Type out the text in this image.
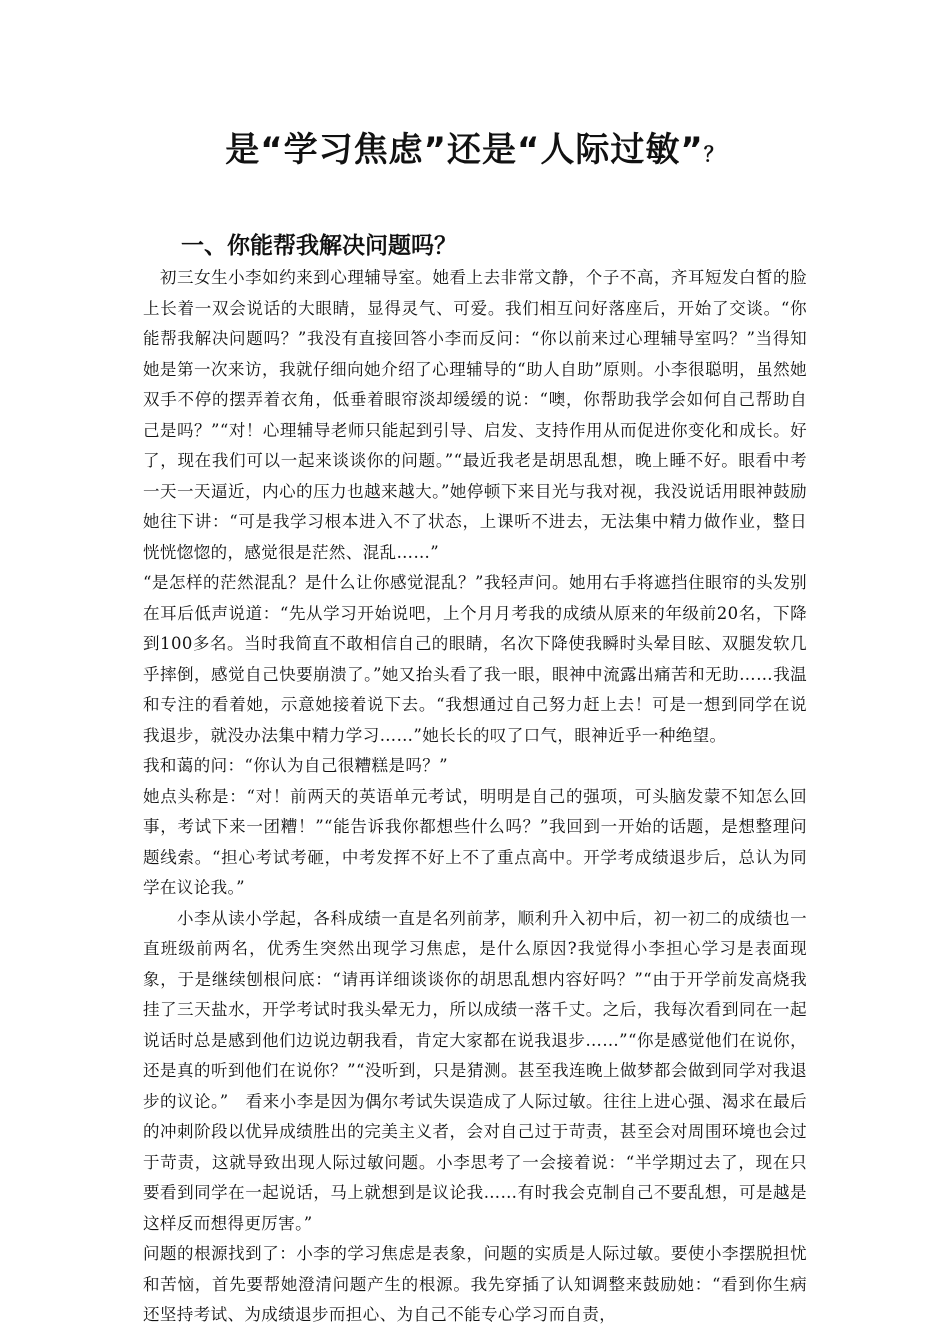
是“学习焦虑”还是“人际过敏”？
一、你能帮我解决问题吗？

　初三女生小李如约来到心理辅导室。她看上去非常文静，个子不高，齐耳短发白皙的脸上长着一双会说话的大眼睛，显得灵气、可爱。我们相互问好落座后，开始了交谈。“你能帮我解决问题吗？”我没有直接回答小李而反问：“你以前来过心理辅导室吗？”当得知她是第一次来访，我就仔细向她介绍了心理辅导的“助人自助”原则。小李很聪明，虽然她双手不停的摆弄着衣角，低垂着眼帘淡却缓缓的说：“噢，你帮助我学会如何自己帮助自己是吗？”“对！心理辅导老师只能起到引导、启发、支持作用从而促进你变化和成长。好了，现在我们可以一起来谈谈你的问题。”“最近我老是胡思乱想，晚上睡不好。眼看中考一天一天逼近，内心的压力也越来越大。”她停顿下来目光与我对视，我没说话用眼神鼓励她往下讲：“可是我学习根本进入不了状态，上课听不进去，无法集中精力做作业，整日恍恍惚惚的，感觉很是茫然、混乱……”

“是怎样的茫然混乱？是什么让你感觉混乱？”我轻声问。她用右手将遮挡住眼帘的头发别在耳后低声说道：“先从学习开始说吧，上个月月考我的成绩从原来的年级前20名，下降到100多名。当时我简直不敢相信自己的眼睛，名次下降使我瞬时头晕目眩、双腿发软几乎摔倒，感觉自己快要崩溃了。”她又抬头看了我一眼，眼神中流露出痛苦和无助……我温和专注的看着她，示意她接着说下去。“我想通过自己努力赶上去！可是一想到同学在说我退步，就没办法集中精力学习……”她长长的叹了口气，眼神近乎一种绝望。

我和蔼的问：“你认为自己很糟糕是吗？”

她点头称是：“对！前两天的英语单元考试，明明是自己的强项，可头脑发蒙不知怎么回事，考试下来一团糟！”“能告诉我你都想些什么吗？”我回到一开始的话题，是想整理问题线索。“担心考试考砸，中考发挥不好上不了重点高中。开学考成绩退步后，总认为同学在议论我。”

　　小李从读小学起，各科成绩一直是名列前茅，顺利升入初中后，初一初二的成绩也一直班级前两名，优秀生突然出现学习焦虑，是什么原因?我觉得小李担心学习是表面现象，于是继续刨根问底：“请再详细谈谈你的胡思乱想内容好吗？”“由于开学前发高烧我挂了三天盐水，开学考试时我头晕无力，所以成绩一落千丈。之后，我每次看到同在一起说话时总是感到他们边说边朝我看，肯定大家都在说我退步……”“你是感觉他们在说你，还是真的听到他们在说你？”“没听到，只是猜测。甚至我连晚上做梦都会做到同学对我退步的议论。”　看来小李是因为偶尔考试失误造成了人际过敏。往往上进心强、渴求在最后的冲刺阶段以优异成绩胜出的完美主义者，会对自己过于苛责，甚至会对周围环境也会过于苛责，这就导致出现人际过敏问题。小李思考了一会接着说：“半学期过去了，现在只要看到同学在一起说话，马上就想到是议论我……有时我会克制自己不要乱想，可是越是这样反而想得更厉害。”

问题的根源找到了：小李的学习焦虑是表象，问题的实质是人际过敏。要使小李摆脱担忧和苦恼，首先要帮她澄清问题产生的根源。我先穿插了认知调整来鼓励她：“看到你生病还坚持考试、为成绩退步而担心、为自己不能专心学习而自责，
